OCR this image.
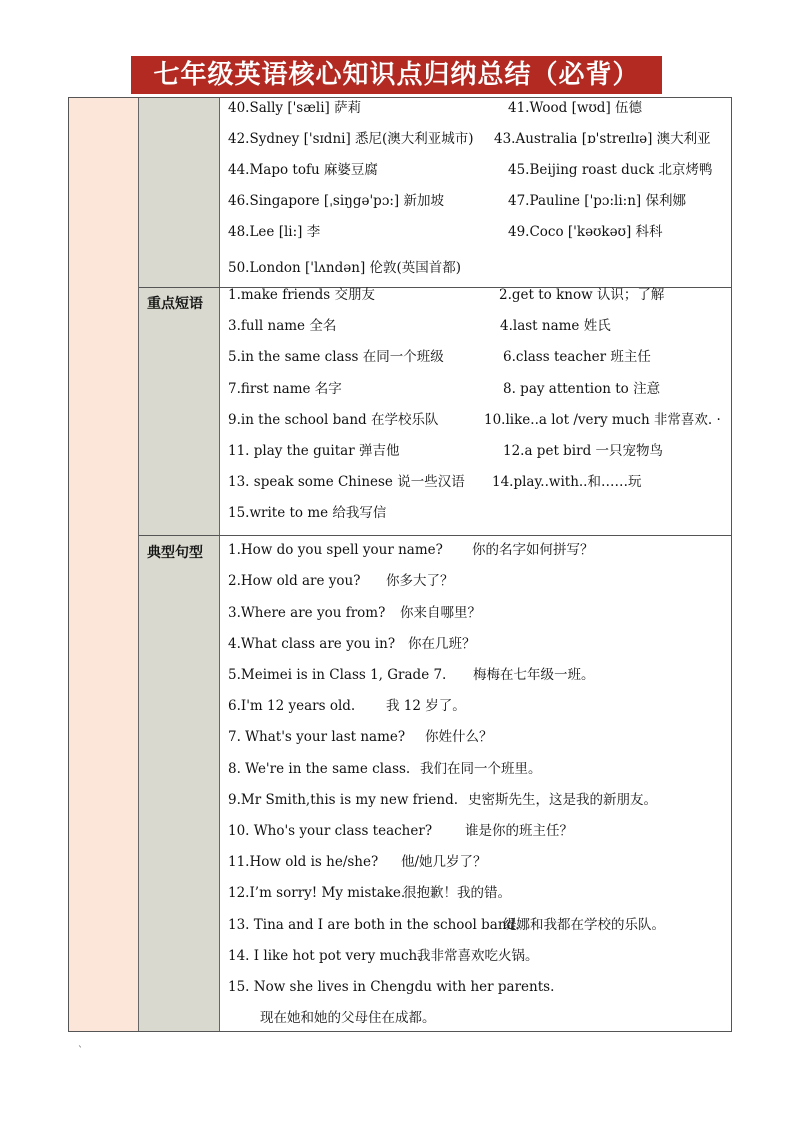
七年级英语核心知识点归纳总结（必背）
重点短语
典型句型
40.Sally ['sæli] 萨莉	41.Wood [wʊd] 伍德
42.Sydney ['sɪdni] 悉尼(澳大利亚城市) 43.Australia [ɒ'streɪlɪə] 澳大利亚
44.Mapo tofu 麻婆豆腐	45.Beijing roast duck 北京烤鸭
46.Singapore [ˌsiŋgə'pɔ:] 新加坡	47.Pauline ['pɔ:li:n] 保利娜
48.Lee [li:] 李	49.Coco ['kəʊkəʊ] 科科
50.London ['lʌndən] 伦敦(英国首都)
1.make friends 交朋友	2.get to know 认识；了解
3.full name 全名	4.last name 姓氏
5.in the same class 在同一个班级	6.class teacher 班主任
7.first name 名字	8. pay attention to 注意
9.in the school band 在学校乐队	10.like..a lot /very much 非常喜欢. ·
11. play the guitar 弹吉他	12.a pet bird 一只宠物鸟
13. speak some Chinese 说一些汉语 14.play..with..和……玩
15.write to me 给我写信
1.How do you spell your name? 你的名字如何拼写？
2.How old are you? 你多大了？
3.Where are you from? 你来自哪里？
4.What class are you in? 你在几班？
5.Meimei is in Class 1, Grade 7. 梅梅在七年级一班。
6.I'm 12 years old. 我 12 岁了。
7. What's your last name? 你姓什么？
8. We're in the same class. 我们在同一个班里。
9.Mr Smith,this is my new friend. 史密斯先生，这是我的新朋友。
10. Who's your class teacher? 谁是你的班主任？
11.How old is he/she? 他/她几岁了？
12.I’m sorry! My mistake.
很抱歉！我的错。
13. Tina and I are both in the school band.
缇娜和我都在学校的乐队。
14. I like hot pot very much.
我非常喜欢吃火锅。
15. Now she lives in Chengdu with her parents.
现在她和她的父母住在成都。
`
